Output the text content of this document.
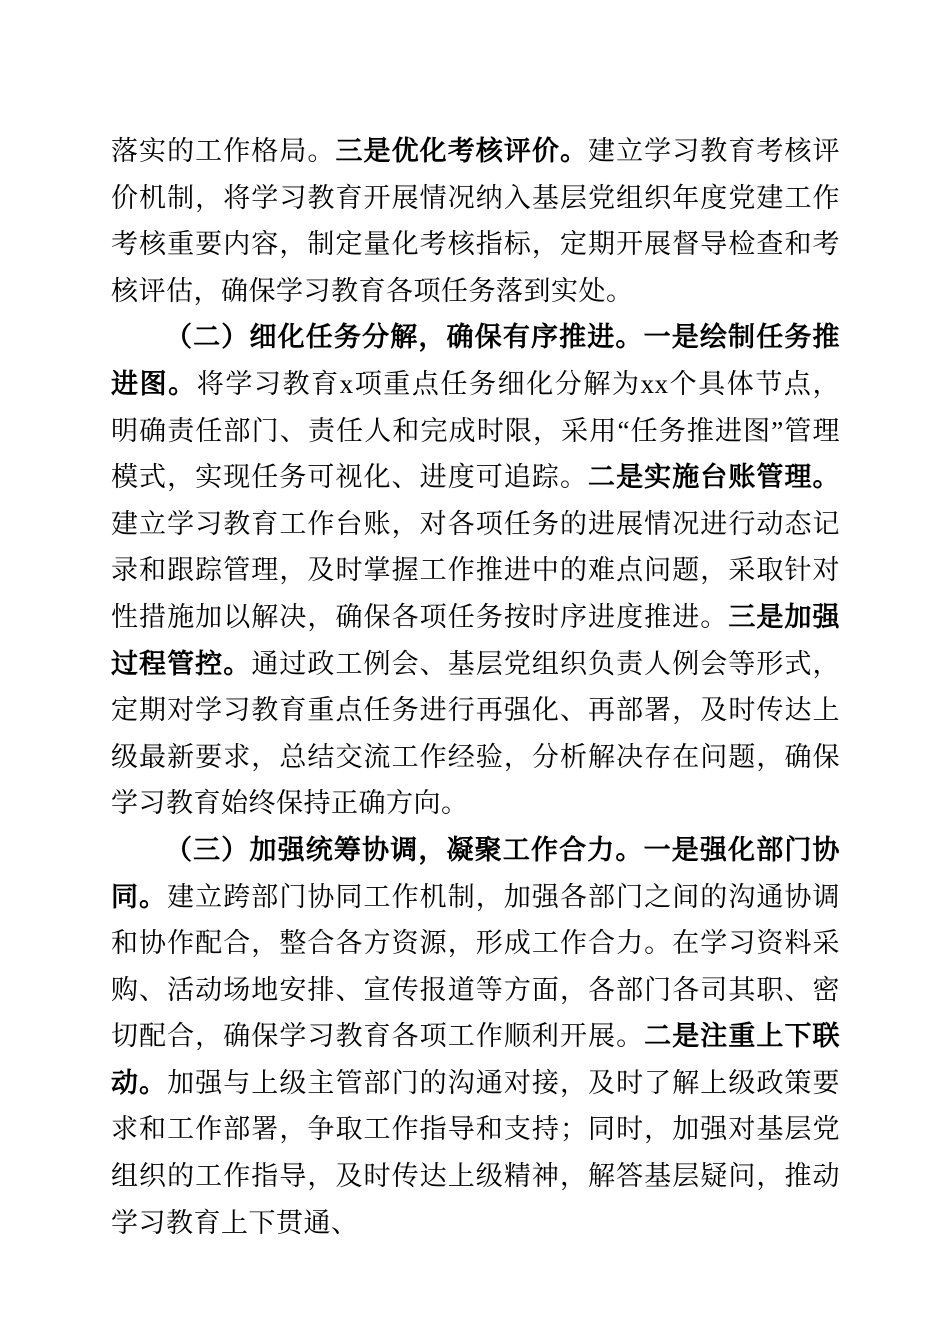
落实的工作格局。三是优化考核评价。建立学习教育考核评价机制，将学习教育开展情况纳入基层党组织年度党建工作考核重要内容，制定量化考核指标，定期开展督导检查和考核评估，确保学习教育各项任务落到实处。

（二）细化任务分解，确保有序推进。一是绘制任务推进图。将学习教育x项重点任务细化分解为xx个具体节点，明确责任部门、责任人和完成时限，采用“任务推进图”管理模式，实现任务可视化、进度可追踪。二是实施台账管理。建立学习教育工作台账，对各项任务的进展情况进行动态记录和跟踪管理，及时掌握工作推进中的难点问题，采取针对性措施加以解决，确保各项任务按时序进度推进。三是加强过程管控。通过政工例会、基层党组织负责人例会等形式，定期对学习教育重点任务进行再强化、再部署，及时传达上级最新要求，总结交流工作经验，分析解决存在问题，确保学习教育始终保持正确方向。

（三）加强统筹协调，凝聚工作合力。一是强化部门协同。建立跨部门协同工作机制，加强各部门之间的沟通协调和协作配合，整合各方资源，形成工作合力。在学习资料采购、活动场地安排、宣传报道等方面，各部门各司其职、密切配合，确保学习教育各项工作顺利开展。二是注重上下联动。加强与上级主管部门的沟通对接，及时了解上级政策要求和工作部署，争取工作指导和支持；同时，加强对基层党组织的工作指导，及时传达上级精神，解答基层疑问，推动学习教育上下贯通、
